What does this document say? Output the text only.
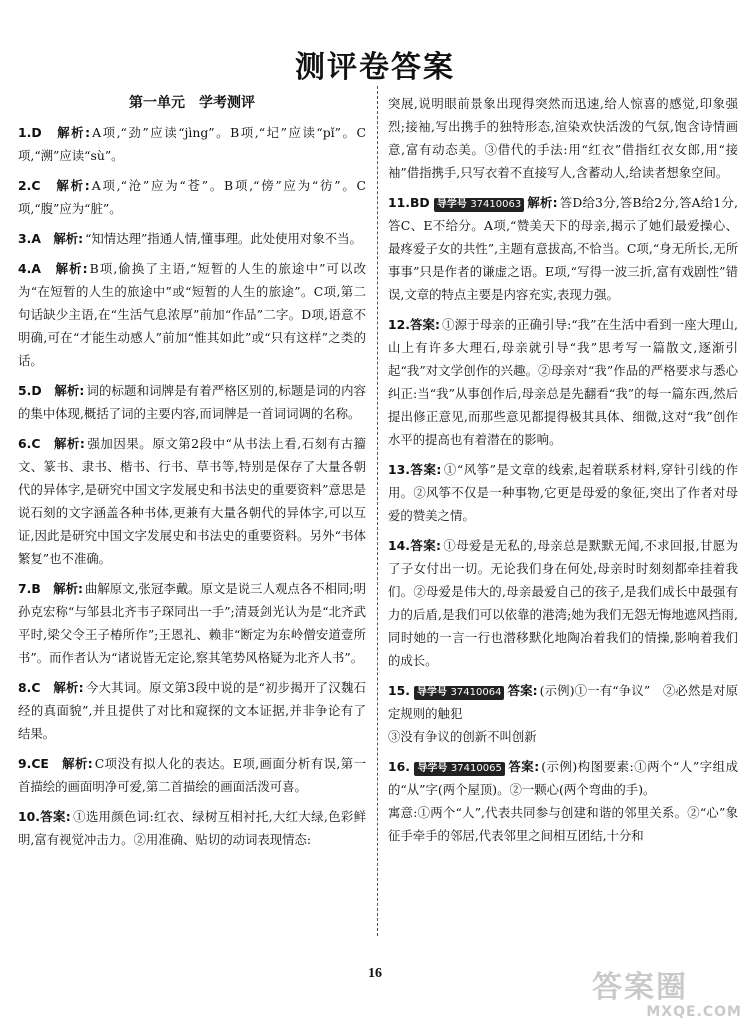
测评卷答案
第一单元　学考测评
1.D　 解析: A项,“劲”应读“jìng”。B项,“圮”应读“pǐ”。C项,“溯”应读“sù”。
2.C　 解析: A项,“沧”应为“苍”。B项,“傍”应为“彷”。C项,“腹”应为“脏”。
3.A　 解析: “知情达理”指通人情,懂事理。此处使用对象不当。
4.A　 解析: B项,偷换了主语,“短暂的人生的旅途中”可以改为“在短暂的人生的旅途中”或“短暂的人生的旅途”。C项,第二句话缺少主语,在“生活气息浓厚”前加“作品”二字。D项,语意不明确,可在“才能生动感人”前加“惟其如此”或“只有这样”之类的话。
5.D　 解析: 词的标题和词牌是有着严格区别的,标题是词的内容的集中体现,概括了词的主要内容,而词牌是一首词词调的名称。
6.C　 解析: 强加因果。原文第2段中“从书法上看,石刻有古籀文、篆书、隶书、楷书、行书、草书等,特别是保存了大量各朝代的异体字,是研究中国文字发展史和书法史的重要资料”意思是说石刻的文字涵盖各种书体,更兼有大量各朝代的异体字,可以互证,因此是研究中国文字发展史和书法史的重要资料。另外“书体繁复”也不准确。
7.B　 解析: 曲解原文,张冠李戴。原文是说三人观点各不相同;明孙克宏称“与邹县北齐韦子琛同出一手”;清聂剑光认为是“北齐武平时,梁父令王子椿所作”;王恩礼、赖非“断定为东岭僧安道壹所书”。而作者认为“诸说皆无定论,察其笔势风格疑为北齐人书”。
8.C　 解析: 今大其词。原文第3段中说的是“初步揭开了汉魏石经的真面貌”,并且提供了对比和窥探的文本证据,并非争论有了结果。
9.CE　 解析: C项没有拟人化的表达。E项,画面分析有误,第一首描绘的画面明净可爱,第二首描绘的画面活泼可喜。
10.答案: ①选用颜色词:红衣、绿树互相衬托,大红大绿,色彩鲜明,富有视觉冲击力。②用准确、贴切的动词表现情态:
突展,说明眼前景象出现得突然而迅速,给人惊喜的感觉,印象强烈;接袖,写出携手的独特形态,渲染欢快活泼的气氛,饱含诗情画意,富有动态美。③借代的手法:用“红衣”借指红衣女郎,用“接袖”借指携手,只写衣着不直接写人,含蓄动人,给读者想象空间。
11.BD 导学号 37410063 解析: 答D给3分,答B给2分,答A给1分,答C、E不给分。A项,“赞美天下的母亲,揭示了她们最爱操心、最疼爱子女的共性”,主题有意拔高,不恰当。C项,“身无所长,无所事事”只是作者的谦虚之语。E项,“写得一波三折,富有戏剧性”错误,文章的特点主要是内容充实,表现力强。
12.答案: ①源于母亲的正确引导:“我”在生活中看到一座大理山,山上有许多大理石,母亲就引导“我”思考写一篇散文,逐渐引起“我”对文学创作的兴趣。②母亲对“我”作品的严格要求与悉心纠正:当“我”从事创作后,母亲总是先翻看“我”的每一篇东西,然后提出修正意见,而那些意见都提得极其具体、细微,这对“我”创作水平的提高也有着潜在的影响。
13.答案: ①“风筝”是文章的线索,起着联系材料,穿针引线的作用。②风筝不仅是一种事物,它更是母爱的象征,突出了作者对母爱的赞美之情。
14.答案: ①母爱是无私的,母亲总是默默无闻,不求回报,甘愿为了子女付出一切。无论我们身在何处,母亲时时刻刻都牵挂着我们。②母爱是伟大的,母亲最爱自己的孩子,是我们成长中最强有力的后盾,是我们可以依靠的港湾;她为我们无怨无悔地遮风挡雨,同时她的一言一行也潜移默化地陶冶着我们的情操,影响着我们的成长。
15. 导学号 37410064 答案: (示例)①一有“争议”　②必然是对原定规则的触犯
③没有争议的创新不叫创新
16. 导学号 37410065 答案: (示例)构图要素:①两个“人”字组成的“从”字(两个屋顶)。②一颗心(两个弯曲的手)。
寓意:①两个“人”,代表共同参与创建和谐的邻里关系。②“心”象征手牵手的邻居,代表邻里之间相互团结,十分和
16	答案圈
MXQE.COM
